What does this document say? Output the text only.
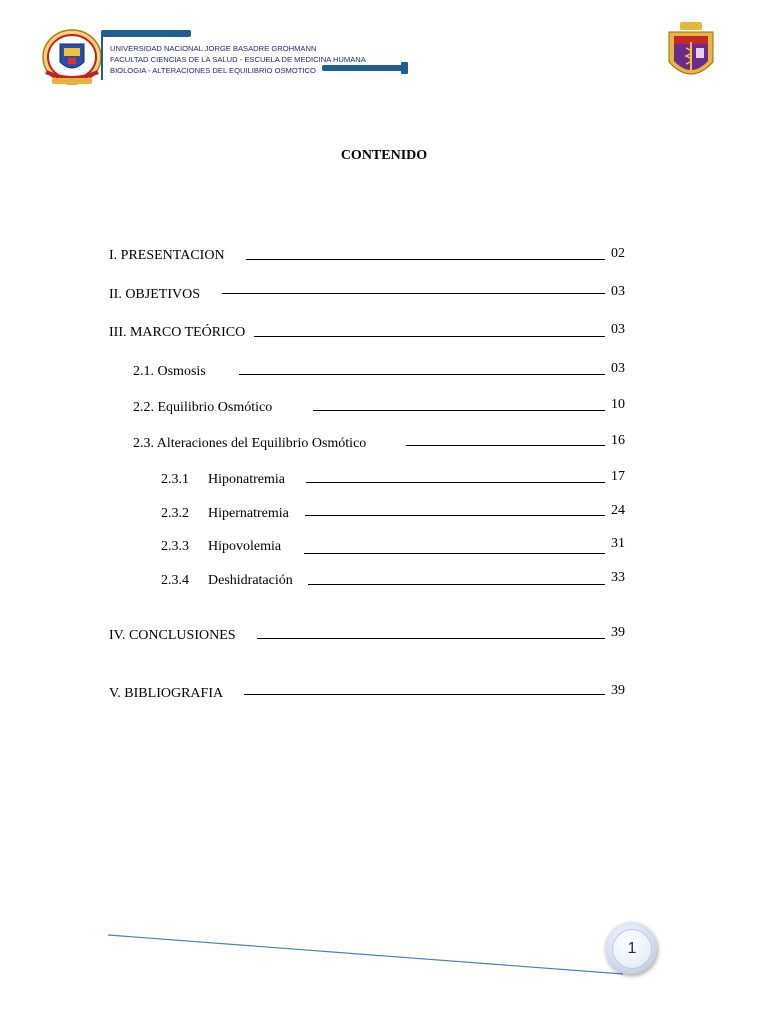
UNIVERSIDAD NACIONAL JORGE BASADRE GROHMANN
FACULTAD CIENCIAS DE LA SALUD - ESCUELA DE MEDICINA HUMANA
BIOLOGIA - ALTERACIONES DEL EQUILIBRIO OSMOTICO
CONTENIDO
I. PRESENTACION	02
II. OBJETIVOS	03
III. MARCO TEÓRICO	03
2.1. Osmosis	03
2.2. Equilibrio Osmótico	10
2.3. Alteraciones del Equilibrio Osmótico	16
2.3.1	Hiponatremia	17
2.3.2	Hipernatremia	24
2.3.3	Hipovolemia	31
2.3.4	Deshidratación	33
IV. CONCLUSIONES	39
V. BIBLIOGRAFIA	39
1
